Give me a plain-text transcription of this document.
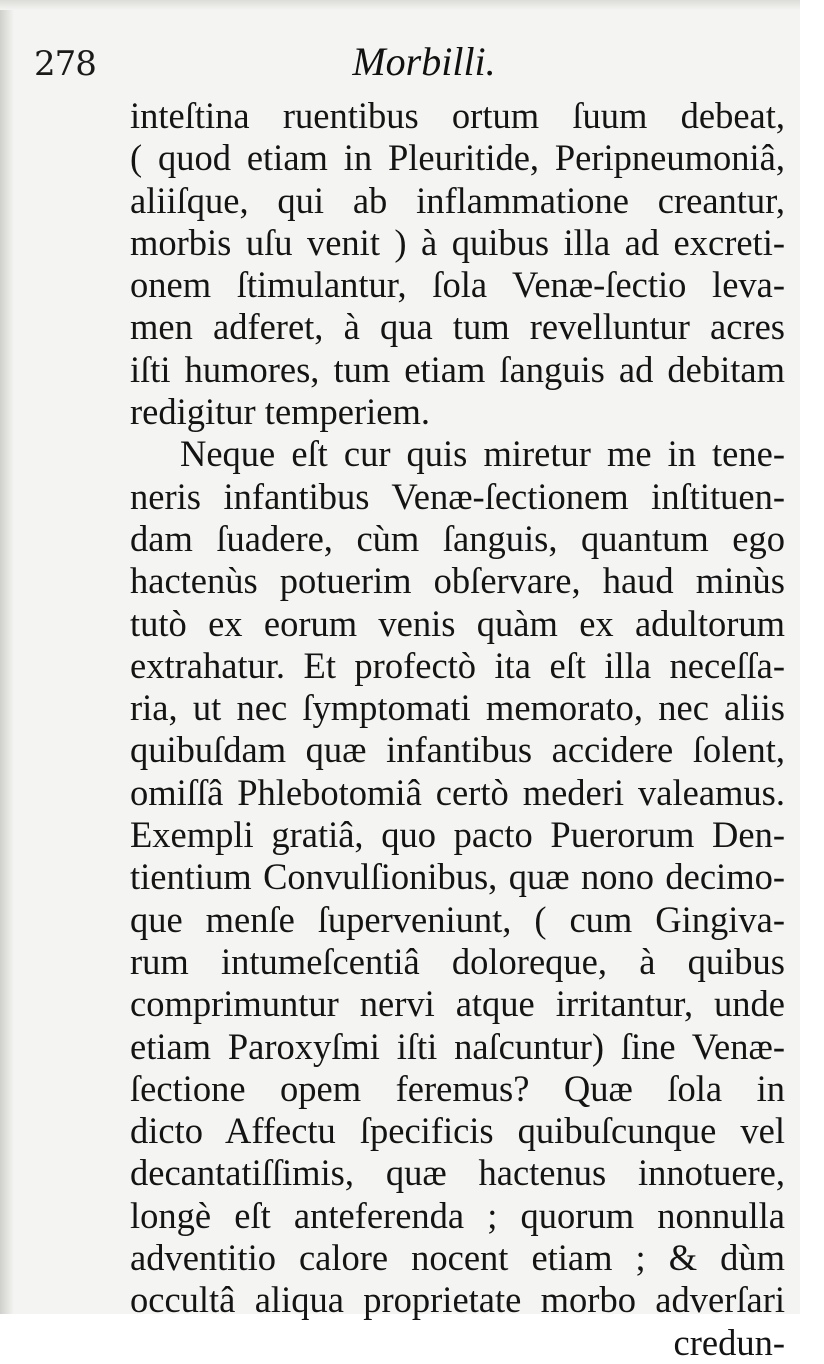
278	Morbilli.
inteſtina ruentibus ortum ſuum debeat,
( quod etiam in Pleuritide, Peripneumoniâ,
aliiſque, qui ab inflammatione creantur,
morbis uſu venit ) à quibus illa ad excreti-
onem ſtimulantur, ſola Venæ-ſectio leva-
men adferet, à qua tum revelluntur acres
iſti humores, tum etiam ſanguis ad debitam
redigitur temperiem.
Neque eſt cur quis miretur me in tene-
neris infantibus Venæ-ſectionem inſtituen-
dam ſuadere, cùm ſanguis, quantum ego
hactenùs potuerim obſervare, haud minùs
tutò ex eorum venis quàm ex adultorum
extrahatur. Et profectò ita eſt illa neceſſa-
ria, ut nec ſymptomati memorato, nec aliis
quibuſdam quæ infantibus accidere ſolent,
omiſſâ Phlebotomiâ certò mederi valeamus.
Exempli gratiâ, quo pacto Puerorum Den-
tientium Convulſionibus, quæ nono decimo-
que menſe ſuperveniunt, ( cum Gingiva-
rum intumeſcentiâ doloreque, à quibus
comprimuntur nervi atque irritantur, unde
etiam Paroxyſmi iſti naſcuntur) ſine Venæ-
ſectione opem feremus? Quæ ſola in
dicto Affectu ſpecificis quibuſcunque vel
decantatiſſimis, quæ hactenus innotuere,
longè eſt anteferenda ; quorum nonnulla
adventitio calore nocent etiam ; & dùm
occultâ aliqua proprietate morbo adverſari
credun-
